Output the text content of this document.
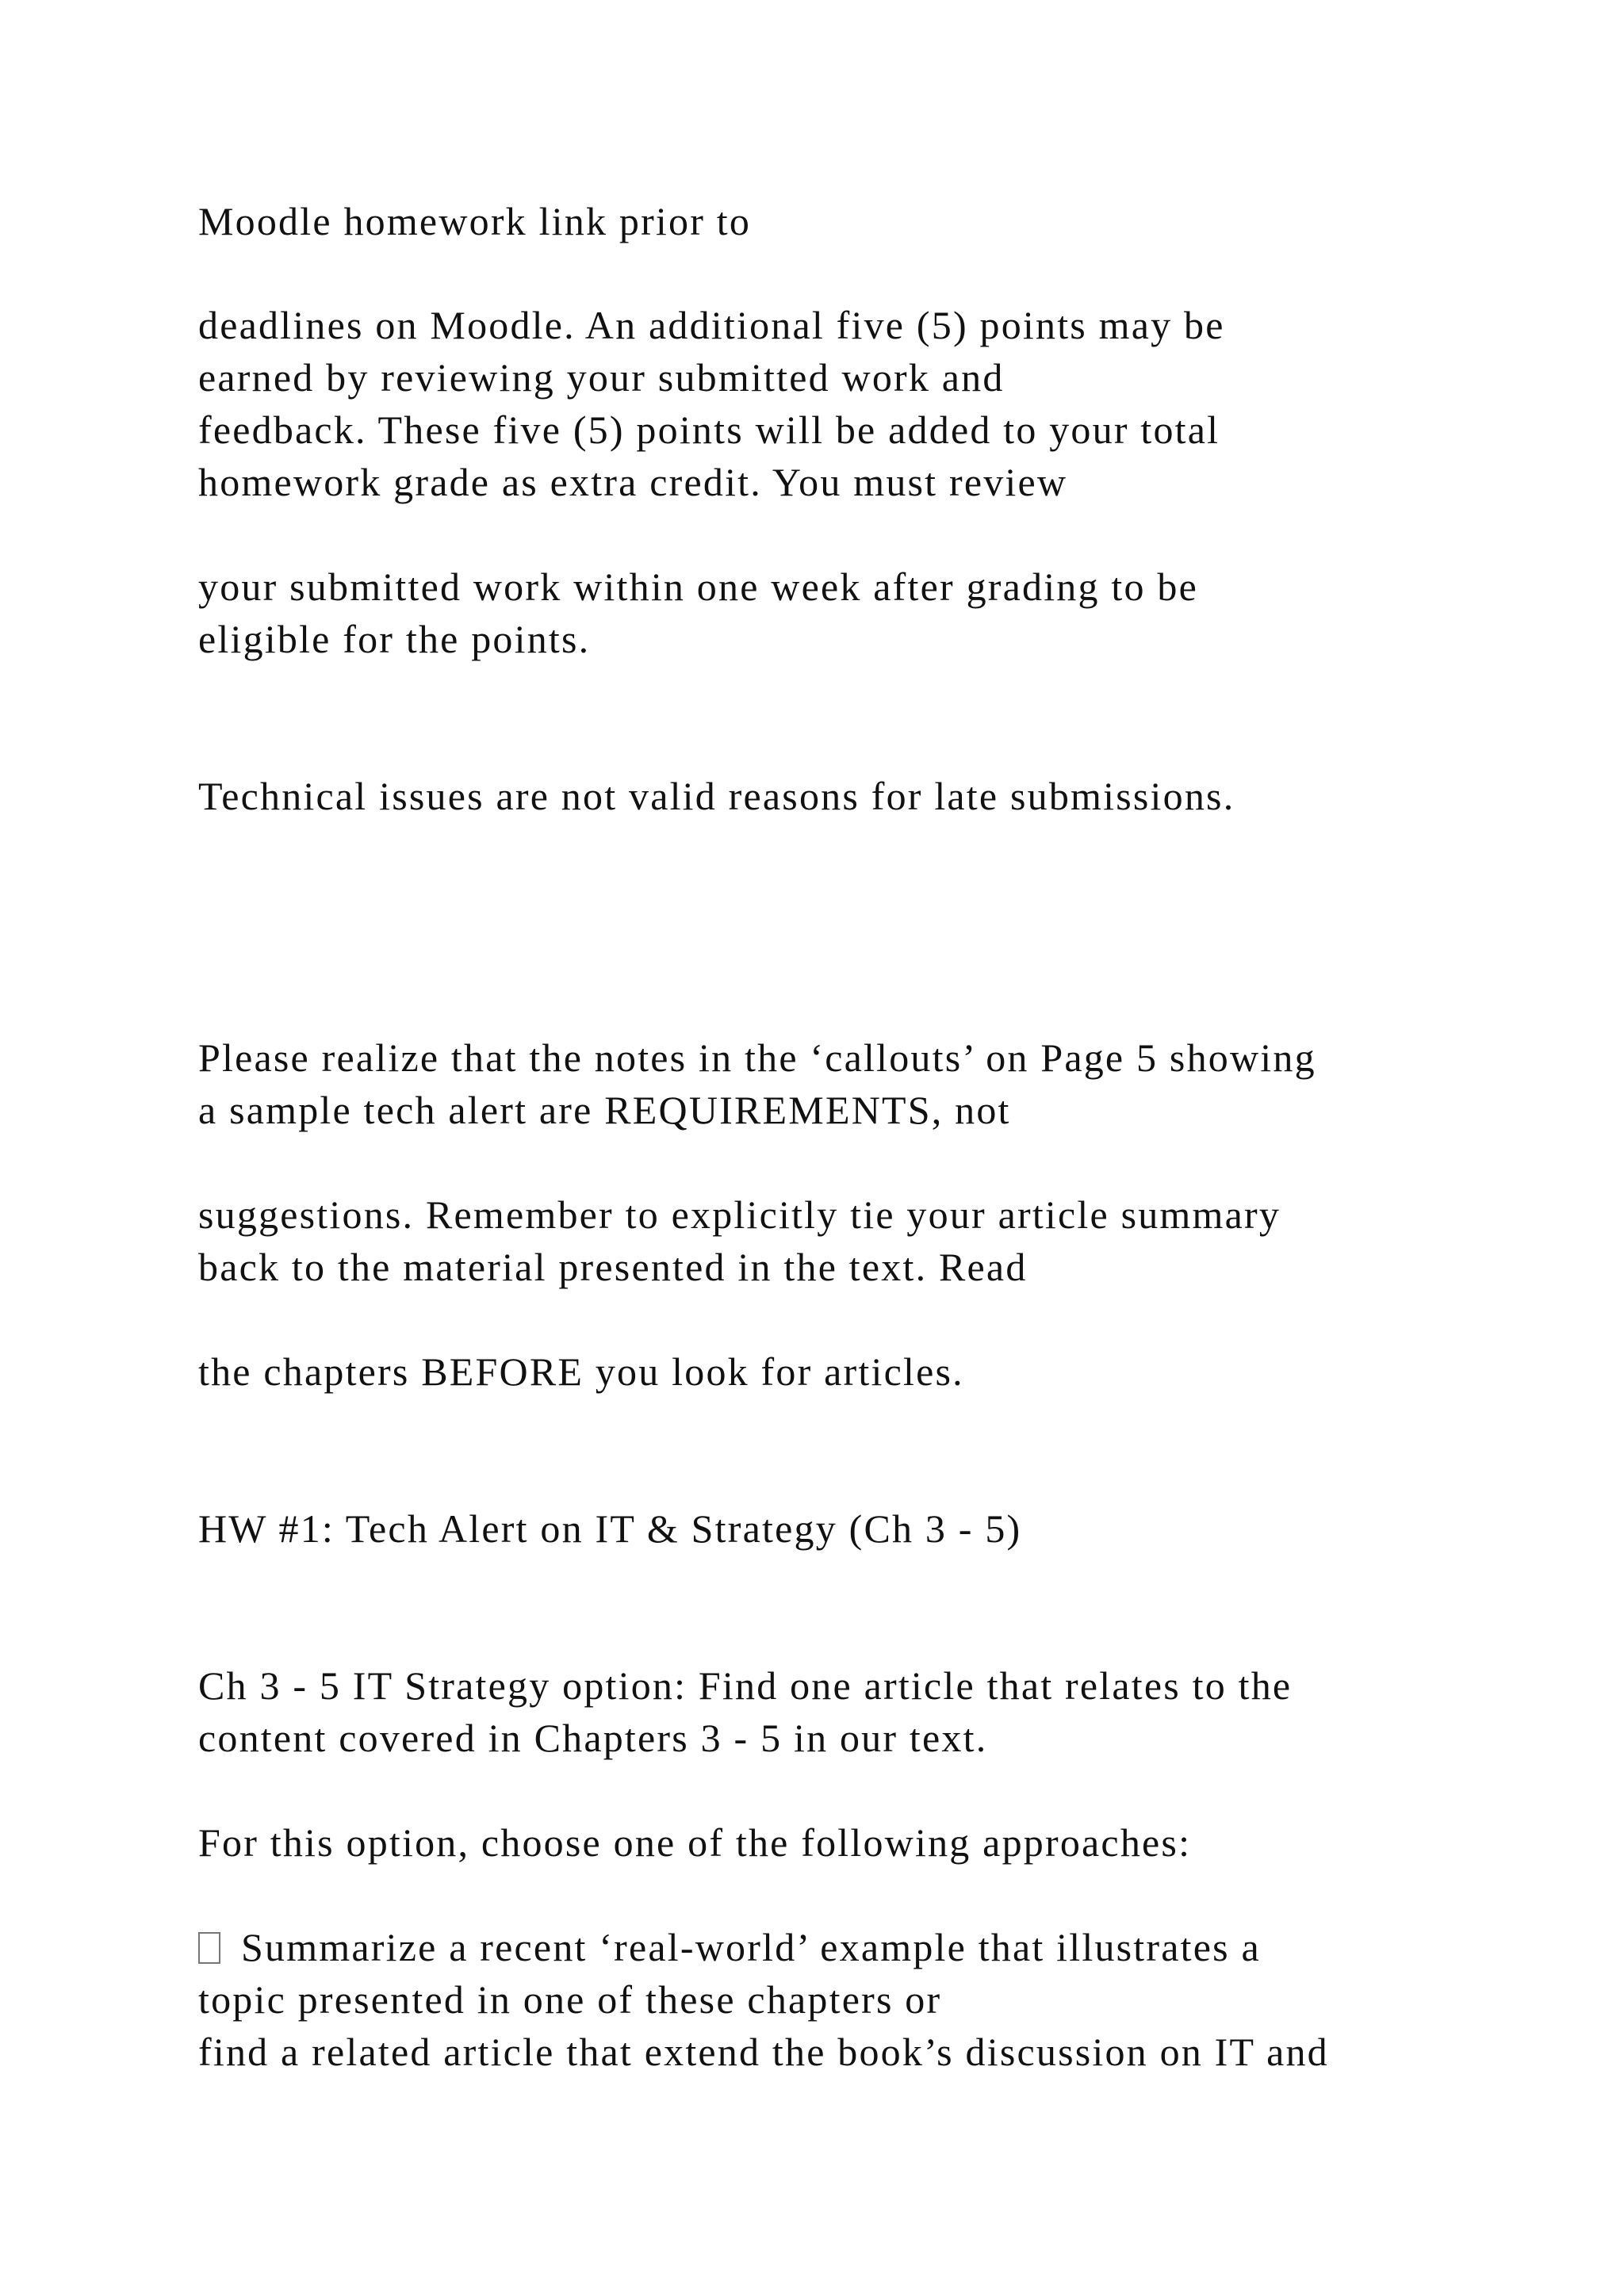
Moodle homework link prior to
deadlines on Moodle. An additional five (5) points may be
earned by reviewing your submitted work and
feedback. These five (5) points will be added to your total
homework grade as extra credit. You must review
your submitted work within one week after grading to be
eligible for the points.
Technical issues are not valid reasons for late submissions.
Please realize that the notes in the ‘callouts’ on Page 5 showing
a sample tech alert are REQUIREMENTS, not
suggestions. Remember to explicitly tie your article summary
back to the material presented in the text. Read
the chapters BEFORE you look for articles.
HW #1: Tech Alert on IT & Strategy (Ch 3 - 5)
Ch 3 - 5 IT Strategy option: Find one article that relates to the
content covered in Chapters 3 - 5 in our text.
For this option, choose one of the following approaches:
Summarize a recent ‘real-world’ example that illustrates a
topic presented in one of these chapters or
find a related article that extend the book’s discussion on IT and
